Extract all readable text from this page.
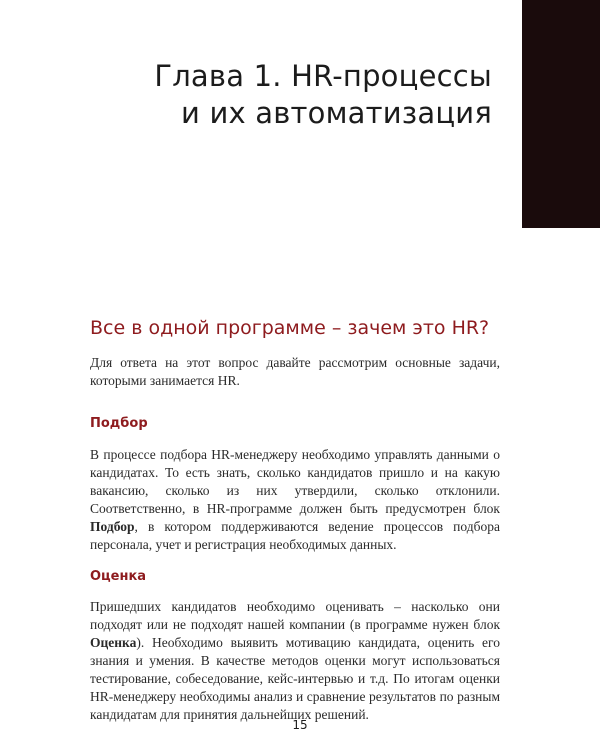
Глава 1. HR-процессы
и их автоматизация
Все в одной программе – зачем это HR?

Для ответа на этот вопрос давайте рассмотрим основные задачи, которыми занимается HR.

Подбор

В процессе подбора HR-менеджеру необходимо управлять данными о кандидатах. То есть знать, сколько кандидатов пришло и на какую вакансию, сколько из них утвердили, сколько отклонили. Соответственно, в HR-программе должен быть предусмотрен блок Подбор, в котором поддерживаются ведение процессов подбора персонала, учет и регистрация необходимых данных.

Оценка

Пришедших кандидатов необходимо оценивать – насколько они подходят или не подходят нашей компании (в программе нужен блок Оценка). Необходимо выявить мотивацию кандидата, оценить его знания и умения. В качестве методов оценки могут использоваться тестирование, собеседование, кейс-интервью и т.д. По итогам оценки HR-менеджеру необходимы анализ и сравнение результатов по разным кандидатам для принятия дальнейших решений.

15
